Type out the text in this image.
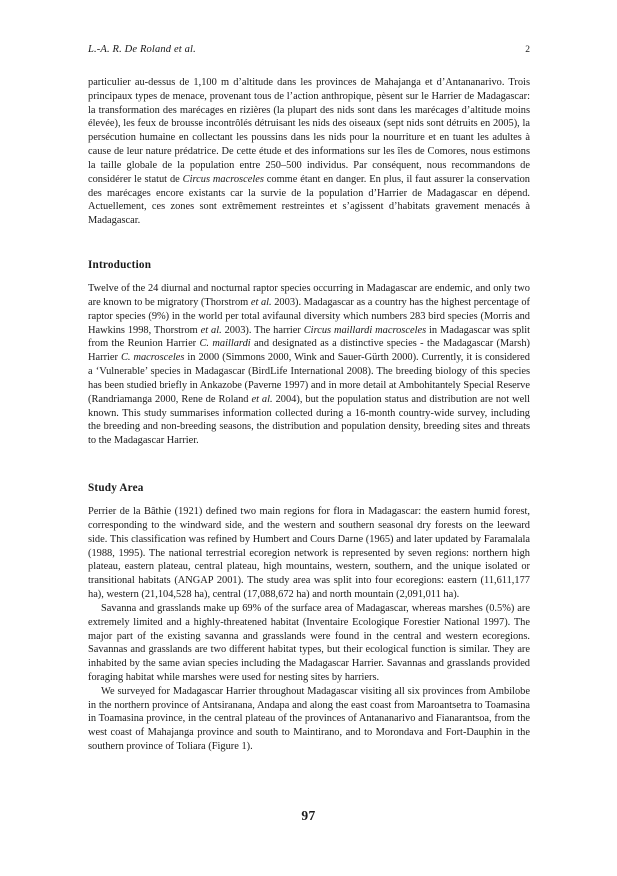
L.-A. R. De Roland et al.	2

particulier au-dessus de 1,100 m d’altitude dans les provinces de Mahajanga et d’Antananarivo. Trois principaux types de menace, provenant tous de l’action anthropique, pèsent sur le Harrier de Madagascar: la transformation des marécages en rizières (la plupart des nids sont dans les marécages d’altitude moins élevée), les feux de brousse incontrôlés détruisant les nids des oiseaux (sept nids sont détruits en 2005), la persécution humaine en collectant les poussins dans les nids pour la nourriture et en tuant les adultes à cause de leur nature prédatrice. De cette étude et des informations sur les îles de Comores, nous estimons la taille globale de la population entre 250–500 individus. Par conséquent, nous recommandons de considérer le statut de Circus macrosceles comme étant en danger. En plus, il faut assurer la conservation des marécages encore existants car la survie de la population d’Harrier de Madagascar en dépend. Actuellement, ces zones sont extrêmement restreintes et s’agissent d’habitats gravement menacés à Madagascar.

Introduction

Twelve of the 24 diurnal and nocturnal raptor species occurring in Madagascar are endemic, and only two are known to be migratory (Thorstrom et al. 2003). Madagascar as a country has the highest percentage of raptor species (9%) in the world per total avifaunal diversity which numbers 283 bird species (Morris and Hawkins 1998, Thorstrom et al. 2003). The harrier Circus maillardi macrosceles in Madagascar was split from the Reunion Harrier C. maillardi and designated as a distinctive species - the Madagascar (Marsh) Harrier C. macrosceles in 2000 (Simmons 2000, Wink and Sauer-Gürth 2000). Currently, it is considered a ‘Vulnerable’ species in Madagascar (BirdLife International 2008). The breeding biology of this species has been studied briefly in Ankazobe (Paverne 1997) and in more detail at Ambohitantely Special Reserve (Randriamanga 2000, Rene de Roland et al. 2004), but the population status and distribution are not well known. This study summarises information collected during a 16-month country-wide survey, including the breeding and non-breeding seasons, the distribution and population density, breeding sites and threats to the Madagascar Harrier.

Study Area

Perrier de la Bâthie (1921) defined two main regions for flora in Madagascar: the eastern humid forest, corresponding to the windward side, and the western and southern seasonal dry forests on the leeward side. This classification was refined by Humbert and Cours Darne (1965) and later updated by Faramalala (1988, 1995). The national terrestrial ecoregion network is represented by seven regions: northern high plateau, eastern plateau, central plateau, high mountains, western, southern, and the unique isolated or transitional habitats (ANGAP 2001). The study area was split into four ecoregions: eastern (11,611,177 ha), western (21,104,528 ha), central (17,088,672 ha) and north mountain (2,091,011 ha).

Savanna and grasslands make up 69% of the surface area of Madagascar, whereas marshes (0.5%) are extremely limited and a highly-threatened habitat (Inventaire Ecologique Forestier National 1997). The major part of the existing savanna and grasslands were found in the central and western ecoregions. Savannas and grasslands are two different habitat types, but their ecological function is similar. They are inhabited by the same avian species including the Madagascar Harrier. Savannas and grasslands provided foraging habitat while marshes were used for nesting sites by harriers.

We surveyed for Madagascar Harrier throughout Madagascar visiting all six provinces from Ambilobe in the northern province of Antsiranana, Andapa and along the east coast from Maroantsetra to Toamasina in Toamasina province, in the central plateau of the provinces of Antananarivo and Fianarantsoa, from the west coast of Mahajanga province and south to Maintirano, and to Morondava and Fort-Dauphin in the southern province of Toliara (Figure 1).

97
